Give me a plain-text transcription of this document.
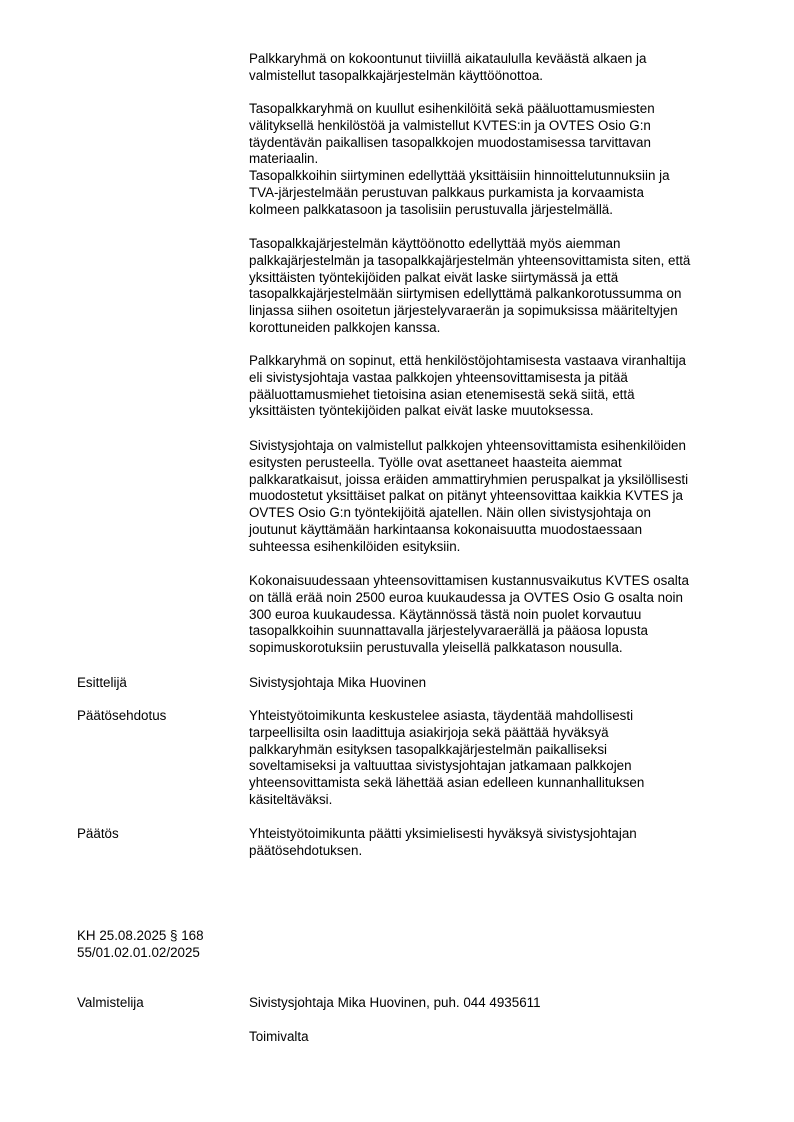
Palkkaryhmä on kokoontunut tiiviillä aikataululla keväästä alkaen ja
valmistellut tasopalkkajärjestelmän käyttöönottoa.
Tasopalkkaryhmä on kuullut esihenkilöitä sekä pääluottamusmiesten
välityksellä henkilöstöä ja valmistellut KVTES:in ja OVTES Osio G:n
täydentävän paikallisen tasopalkkojen muodostamisessa tarvittavan
materiaalin.
Tasopalkkoihin siirtyminen edellyttää yksittäisiin hinnoittelutunnuksiin ja
TVA-järjestelmään perustuvan palkkaus purkamista ja korvaamista
kolmeen palkkatasoon ja tasolisiin perustuvalla järjestelmällä.
Tasopalkkajärjestelmän käyttöönotto edellyttää myös aiemman
palkkajärjestelmän ja tasopalkkajärjestelmän yhteensovittamista siten, että
yksittäisten työntekijöiden palkat eivät laske siirtymässä ja että
tasopalkkajärjestelmään siirtymisen edellyttämä palkankorotussumma on
linjassa siihen osoitetun järjestelyvaraerän ja sopimuksissa määriteltyjen
korottuneiden palkkojen kanssa.
Palkkaryhmä on sopinut, että henkilöstöjohtamisesta vastaava viranhaltija
eli sivistysjohtaja vastaa palkkojen yhteensovittamisesta ja pitää
pääluottamusmiehet tietoisina asian etenemisestä sekä siitä, että
yksittäisten työntekijöiden palkat eivät laske muutoksessa.
Sivistysjohtaja on valmistellut palkkojen yhteensovittamista esihenkilöiden
esitysten perusteella. Työlle ovat asettaneet haasteita aiemmat
palkkaratkaisut, joissa eräiden ammattiryhmien peruspalkat ja yksilöllisesti
muodostetut yksittäiset palkat on pitänyt yhteensovittaa kaikkia KVTES ja
OVTES Osio G:n työntekijöitä ajatellen. Näin ollen sivistysjohtaja on
joutunut käyttämään harkintaansa kokonaisuutta muodostaessaan
suhteessa esihenkilöiden esityksiin.
Kokonaisuudessaan yhteensovittamisen kustannusvaikutus KVTES osalta
on tällä erää noin 2500 euroa kuukaudessa ja OVTES Osio G osalta noin
300 euroa kuukaudessa. Käytännössä tästä noin puolet korvautuu
tasopalkkoihin suunnattavalla järjestelyvaraerällä ja pääosa lopusta
sopimuskorotuksiin perustuvalla yleisellä palkkatason nousulla.
Esittelijä	Sivistysjohtaja Mika Huovinen
Päätösehdotus	Yhteistyötoimikunta keskustelee asiasta, täydentää mahdollisesti
tarpeellisilta osin laadittuja asiakirjoja sekä päättää hyväksyä
palkkaryhmän esityksen tasopalkkajärjestelmän paikalliseksi
soveltamiseksi ja valtuuttaa sivistysjohtajan jatkamaan palkkojen
yhteensovittamista sekä lähettää asian edelleen kunnanhallituksen
käsiteltäväksi.
Päätös	Yhteistyötoimikunta päätti yksimielisesti hyväksyä sivistysjohtajan
päätösehdotuksen.
KH 25.08.2025 § 168
55/01.02.01.02/2025
Valmistelija	Sivistysjohtaja Mika Huovinen, puh. 044 4935611
Toimivalta
